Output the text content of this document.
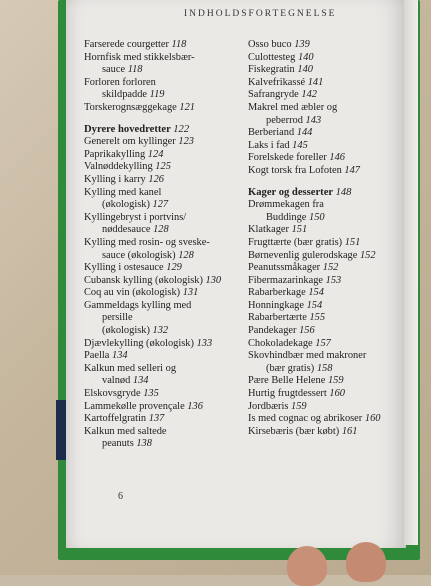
INDHOLDSFORTEGNELSE
Farserede courgetter 118
Hornfisk med stikkelsbær-
sauce 118
Forloren forloren
skildpadde 119
Torskerognsæggekage 121
Dyrere hovedretter 122
Generelt om kyllinger 123
Paprikakylling 124
Valnøddekylling 125
Kylling i karry 126
Kylling med kanel
(økologisk) 127
Kyllingebryst i portvins/
nøddesauce 128
Kylling med rosin- og sveske-
sauce (økologisk) 128
Kylling i ostesauce 129
Cubansk kylling (økologisk) 130
Coq au vin (økologisk) 131
Gammeldags kylling med
persille
(økologisk) 132
Djævlekylling (økologisk) 133
Paella 134
Kalkun med selleri og
valnød 134
Elskovsgryde 135
Lammekølle provençale 136
Kartoffelgratin 137
Kalkun med saltede
peanuts 138
Osso buco 139
Culottesteg 140
Fiskegratin 140
Kalvefrikassé 141
Safrangryde 142
Makrel med æbler og
peberrod 143
Berberiand 144
Laks i fad 145
Forelskede foreller 146
Kogt torsk fra Lofoten 147
Kager og desserter 148
Drømmekagen fra
Buddinge 150
Klatkager 151
Frugttærte (bær gratis) 151
Børnevenlig gulerodskage 152
Peanutssmåkager 152
Fibermazarinkage 153
Rabarberkage 154
Honningkage 154
Rabarbertærte 155
Pandekager 156
Chokoladekage 157
Skovhindbær med makroner
(bær gratis) 158
Pære Belle Helene 159
Hurtig frugtdessert 160
Jordbæris 159
Is med cognac og abrikoser 160
Kirsebæris (bær købt) 161
6
